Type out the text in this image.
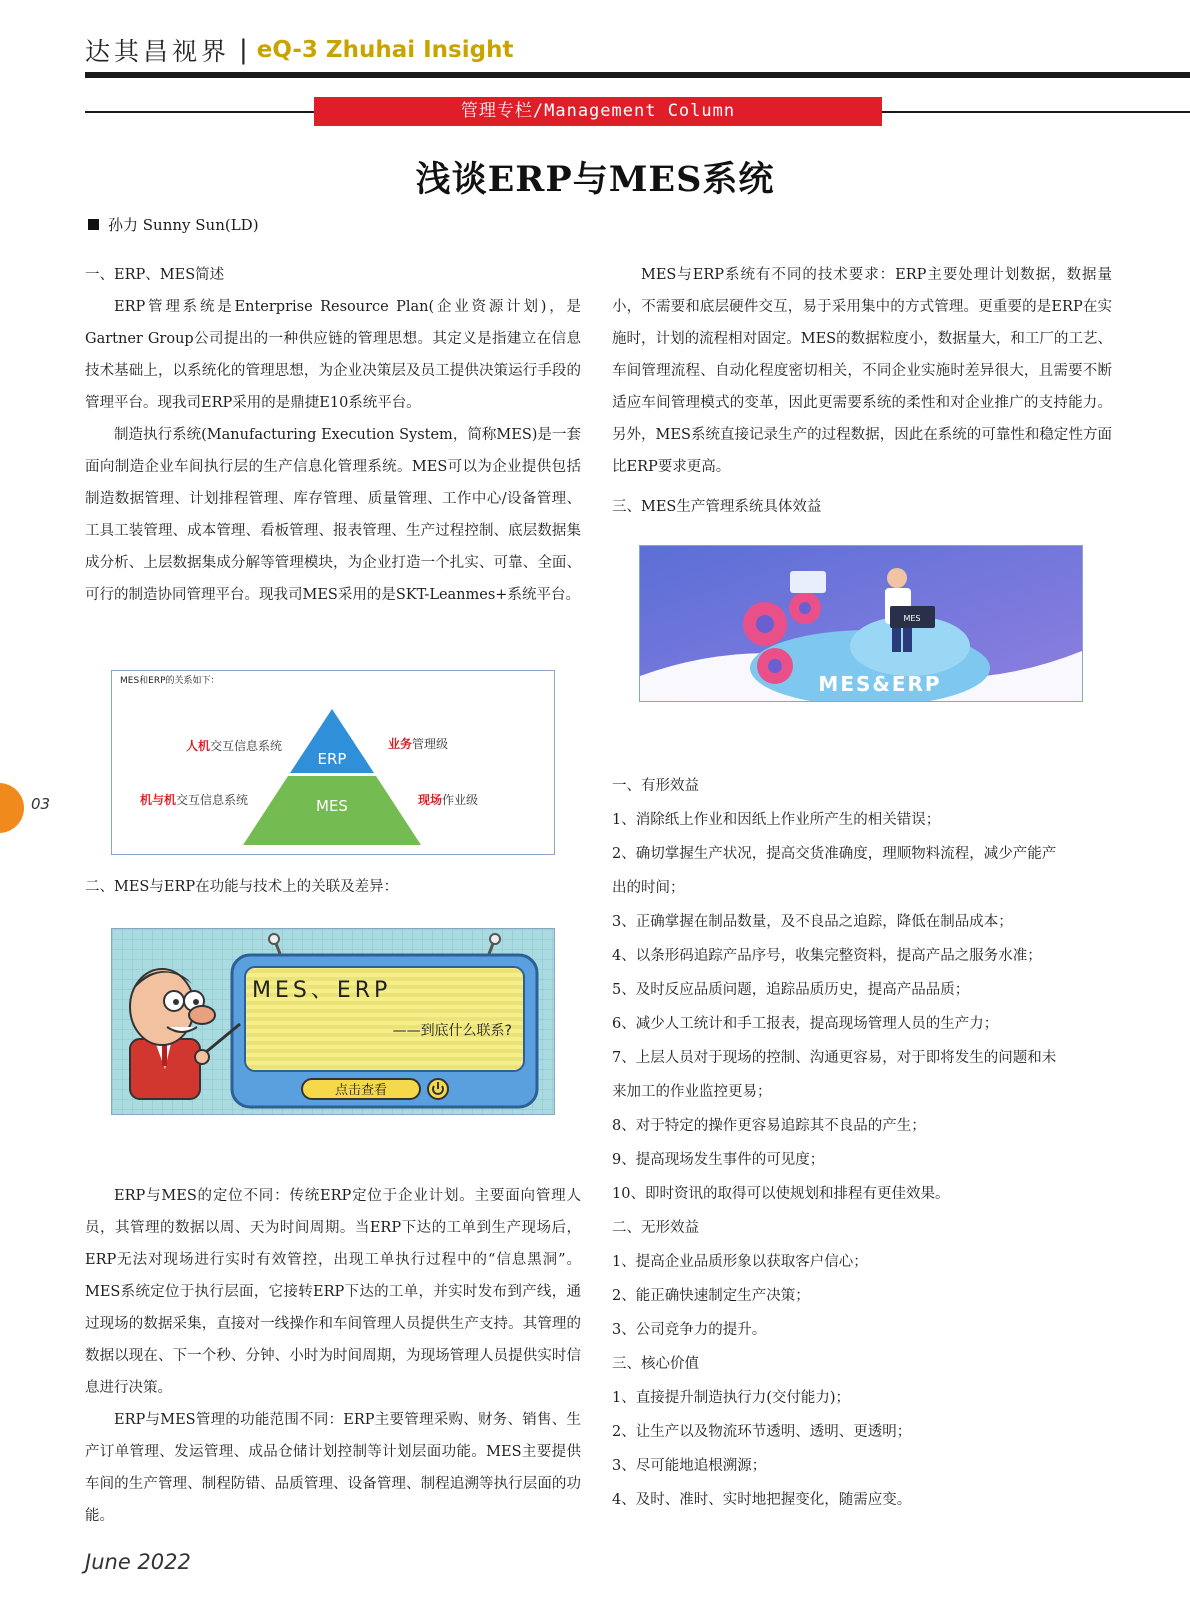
达其昌视界 | eQ-3 Zhuhai Insight
管理专栏/Management Column
浅谈ERP与MES系统
孙力 Sunny Sun(LD)

一、ERP、MES简述

ERP管理系统是Enterprise Resource Plan(企业资源计划)，是Gartner Group公司提出的一种供应链的管理思想。其定义是指建立在信息技术基础上，以系统化的管理思想，为企业决策层及员工提供决策运行手段的管理平台。现我司ERP采用的是鼎捷E10系统平台。

制造执行系统(Manufacturing Execution System，简称MES)是一套面向制造企业车间执行层的生产信息化管理系统。MES可以为企业提供包括制造数据管理、计划排程管理、库存管理、质量管理、工作中心/设备管理、工具工装管理、成本管理、看板管理、报表管理、生产过程控制、底层数据集成分析、上层数据集成分解等管理模块，为企业打造一个扎实、可靠、全面、可行的制造协同管理平台。现我司MES采用的是SKT-Leanmes+系统平台。

MES和ERP的关系如下：
ERP
MES
人机交互信息系统	业务管理级
机与机交互信息系统	现场作业级

二、MES与ERP在功能与技术上的关联及差异：

MES、ERP
——到底什么联系?
点击查看

ERP与MES的定位不同：传统ERP定位于企业计划。主要面向管理人员，其管理的数据以周、天为时间周期。当ERP下达的工单到生产现场后，ERP无法对现场进行实时有效管控，出现工单执行过程中的“信息黑洞”。MES系统定位于执行层面，它接转ERP下达的工单，并实时发布到产线，通过现场的数据采集，直接对一线操作和车间管理人员提供生产支持。其管理的数据以现在、下一个秒、分钟、小时为时间周期，为现场管理人员提供实时信息进行决策。

ERP与MES管理的功能范围不同：ERP主要管理采购、财务、销售、生产订单管理、发运管理、成品仓储计划控制等计划层面功能。MES主要提供车间的生产管理、制程防错、品质管理、设备管理、制程追溯等执行层面的功能。

MES与ERP系统有不同的技术要求：ERP主要处理计划数据，数据量小，不需要和底层硬件交互，易于采用集中的方式管理。更重要的是ERP在实施时，计划的流程相对固定。MES的数据粒度小，数据量大，和工厂的工艺、车间管理流程、自动化程度密切相关，不同企业实施时差异很大，且需要不断适应车间管理模式的变革，因此更需要系统的柔性和对企业推广的支持能力。另外，MES系统直接记录生产的过程数据，因此在系统的可靠性和稳定性方面比ERP要求更高。

三、MES生产管理系统具体效益

MES
MES&ERP

一、有形效益

1、消除纸上作业和因纸上作业所产生的相关错误；

2、确切掌握生产状况，提高交货准确度，理顺物料流程，减少产能产

出的时间；

3、正确掌握在制品数量，及不良品之追踪，降低在制品成本；

4、以条形码追踪产品序号，收集完整资料，提高产品之服务水准；

5、及时反应品质问题，追踪品质历史，提高产品品质；

6、减少人工统计和手工报表，提高现场管理人员的生产力；

7、上层人员对于现场的控制、沟通更容易，对于即将发生的问题和未

来加工的作业监控更易；

8、对于特定的操作更容易追踪其不良品的产生；

9、提高现场发生事件的可见度；

10、即时资讯的取得可以使规划和排程有更佳效果。

二、无形效益

1、提高企业品质形象以获取客户信心；

2、能正确快速制定生产决策；

3、公司竞争力的提升。

三、核心价值

1、直接提升制造执行力(交付能力)；

2、让生产以及物流环节透明、透明、更透明；

3、尽可能地追根溯源；

4、及时、准时、实时地把握变化，随需应变。

03
June 2022
